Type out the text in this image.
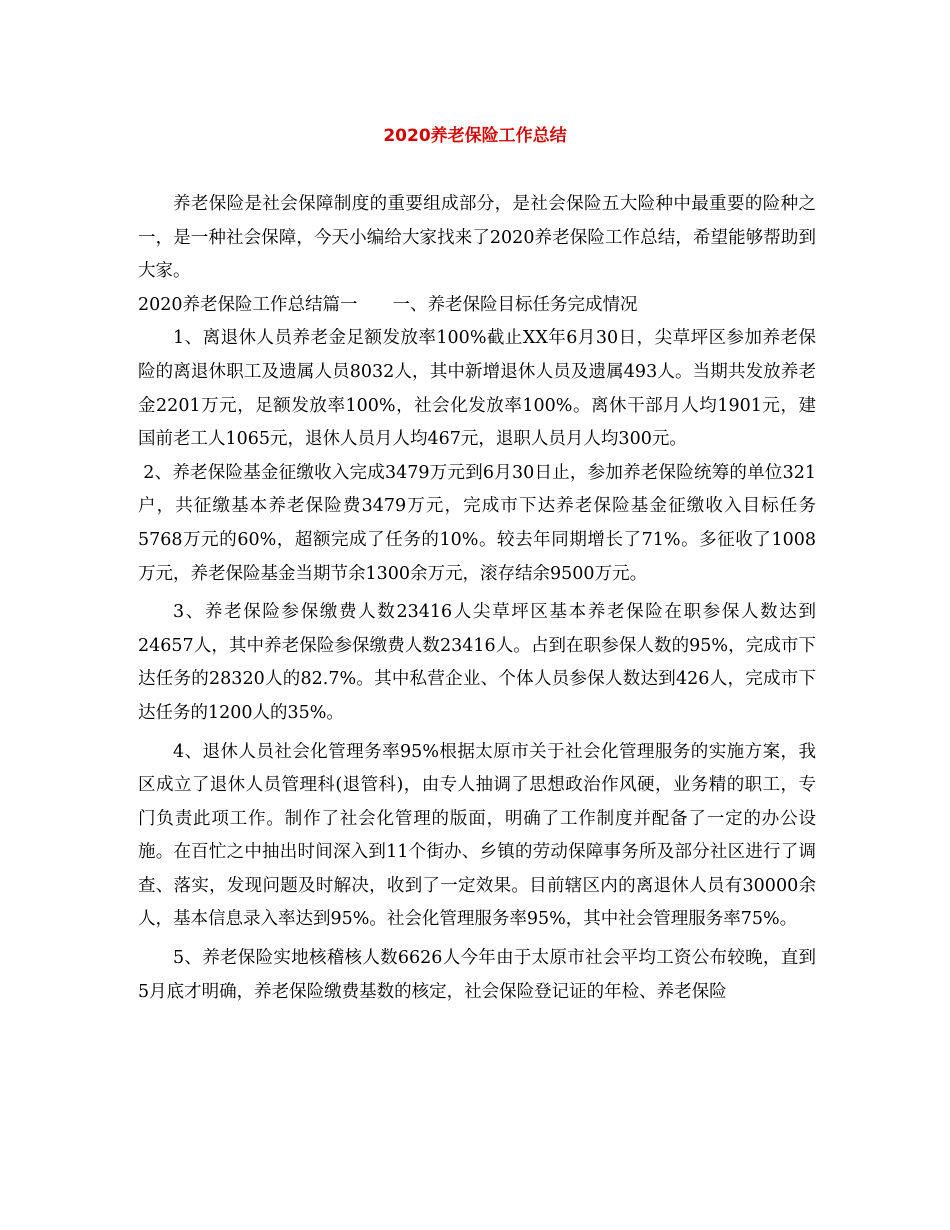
2020养老保险工作总结

养老保险是社会保障制度的重要组成部分，是社会保险五大险种中最重要的险种之一，是一种社会保障，今天小编给大家找来了2020养老保险工作总结，希望能够帮助到大家。

2020养老保险工作总结篇一　　一、养老保险目标任务完成情况

1、离退休人员养老金足额发放率100%截止XX年6月30日，尖草坪区参加养老保险的离退休职工及遗属人员8032人，其中新增退休人员及遗属493人。当期共发放养老金2201万元，足额发放率100%，社会化发放率100%。离休干部月人均1901元，建国前老工人1065元，退休人员月人均467元，退职人员月人均300元。

2、养老保险基金征缴收入完成3479万元到6月30日止，参加养老保险统筹的单位321户，共征缴基本养老保险费3479万元，完成市下达养老保险基金征缴收入目标任务5768万元的60%，超额完成了任务的10%。较去年同期增长了71%。多征收了1008万元，养老保险基金当期节余1300余万元，滚存结余9500万元。

3、养老保险参保缴费人数23416人尖草坪区基本养老保险在职参保人数达到24657人，其中养老保险参保缴费人数23416人。占到在职参保人数的95%，完成市下达任务的28320人的82.7%。其中私营企业、个体人员参保人数达到426人，完成市下达任务的1200人的35%。

4、退休人员社会化管理务率95%根据太原市关于社会化管理服务的实施方案，我区成立了退休人员管理科(退管科)，由专人抽调了思想政治作风硬，业务精的职工，专门负责此项工作。制作了社会化管理的版面，明确了工作制度并配备了一定的办公设施。在百忙之中抽出时间深入到11个街办、乡镇的劳动保障事务所及部分社区进行了调查、落实，发现问题及时解决，收到了一定效果。目前辖区内的离退休人员有30000余人，基本信息录入率达到95%。社会化管理服务率95%，其中社会管理服务率75%。

5、养老保险实地核稽核人数6626人今年由于太原市社会平均工资公布较晚，直到5月底才明确，养老保险缴费基数的核定，社会保险登记证的年检、养老保险
